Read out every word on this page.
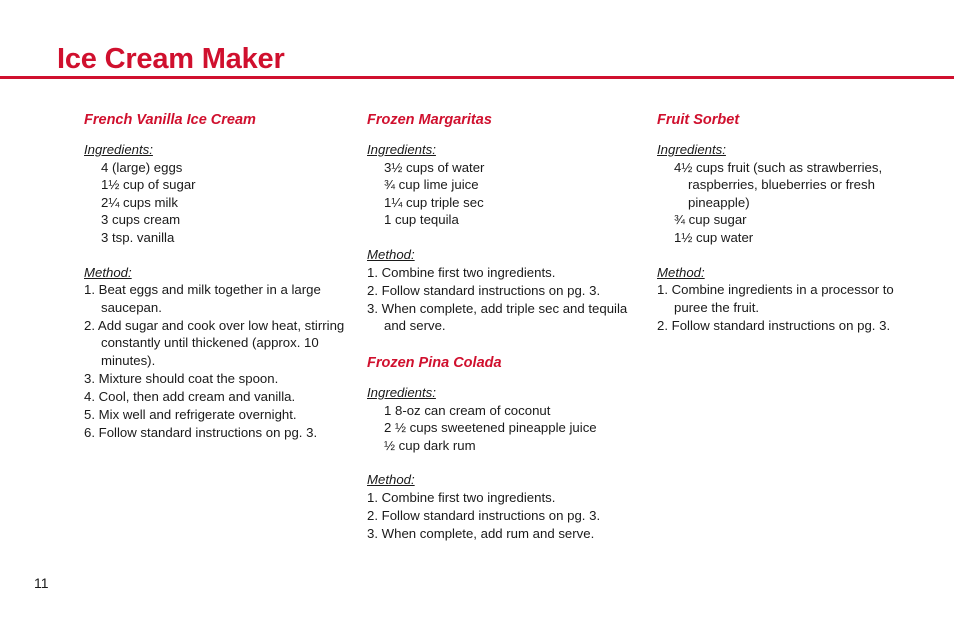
Ice Cream Maker
French Vanilla Ice Cream
Ingredients:
4 (large) eggs
1½ cup of sugar
2¼ cups milk
3 cups cream
3 tsp. vanilla
Method:
1. Beat eggs and milk together in a large saucepan.
2. Add sugar and cook over low heat, stirring constantly until thickened (approx. 10 minutes).
3. Mixture should coat the spoon.
4. Cool, then add cream and vanilla.
5. Mix well and refrigerate overnight.
6. Follow standard instructions on pg. 3.
Frozen Margaritas
Ingredients:
3½ cups of water
¾ cup lime juice
1¼ cup triple sec
1 cup tequila
Method:
1. Combine first two ingredients.
2. Follow standard instructions on pg. 3.
3. When complete, add triple sec and tequila and serve.
Frozen Pina Colada
Ingredients:
1 8-oz can cream of coconut
2 ½ cups sweetened pineapple juice
½ cup dark rum
Method:
1. Combine first two ingredients.
2. Follow standard instructions on pg. 3.
3. When complete, add rum and serve.
Fruit Sorbet
Ingredients:
4½ cups fruit (such as strawberries, raspberries, blueberries or fresh pineapple)
¾ cup sugar
1½ cup water
Method:
1. Combine ingredients in a processor to puree the fruit.
2. Follow standard instructions on pg. 3.
11
